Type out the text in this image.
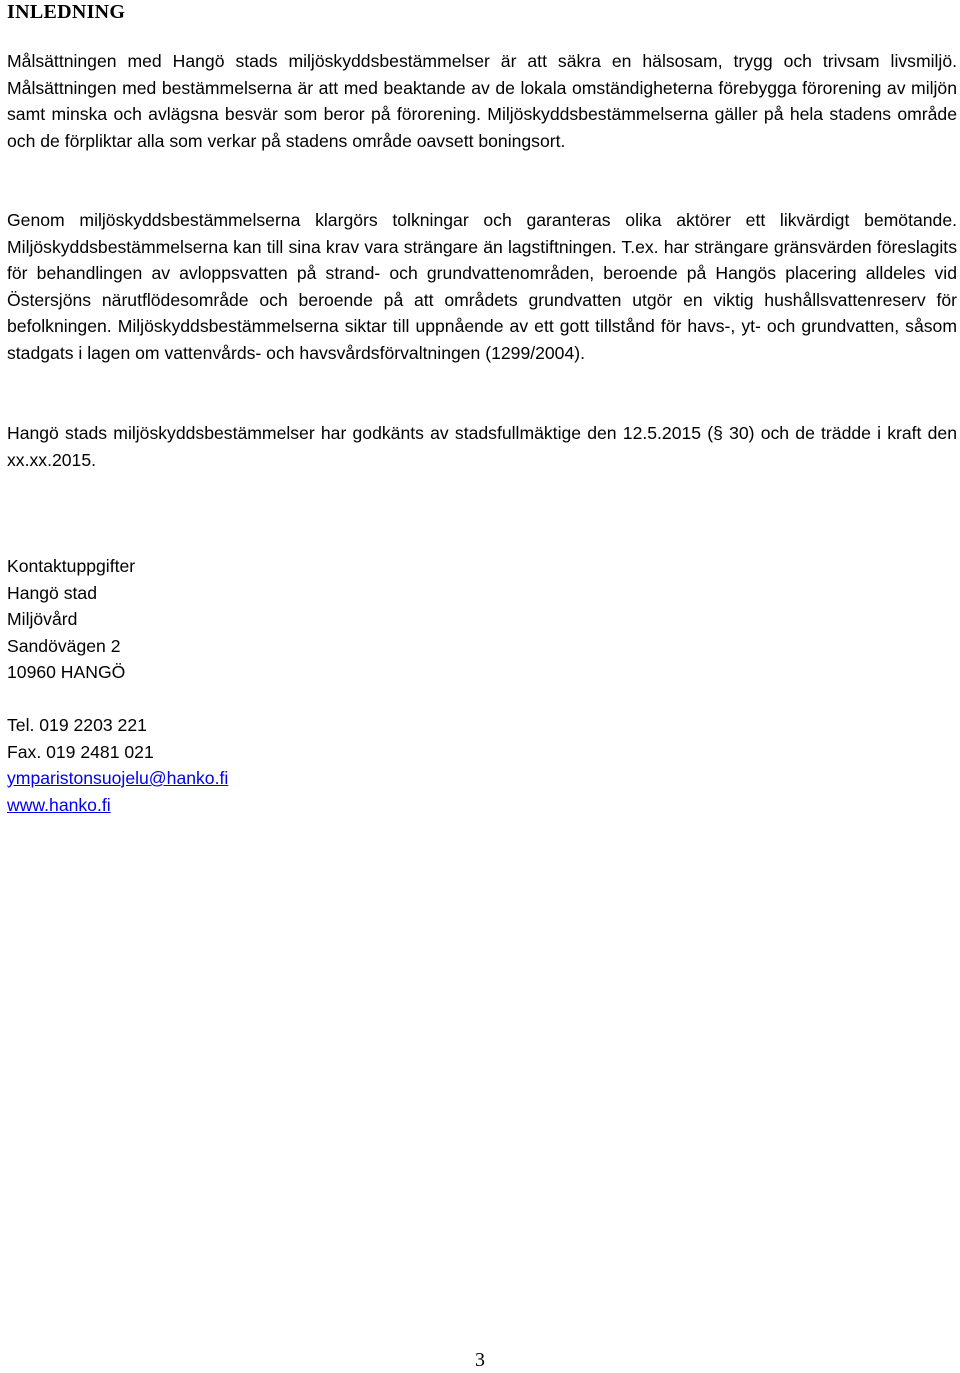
INLEDNING

Målsättningen med Hangö stads miljöskyddsbestämmelser är att säkra en hälsosam, trygg och trivsam livsmiljö. Målsättningen med bestämmelserna är att med beaktande av de lokala omständigheterna förebygga förorening av miljön samt minska och avlägsna besvär som beror på förorening. Miljöskyddsbestämmelserna gäller på hela stadens område och de förpliktar alla som verkar på stadens område oavsett boningsort.

Genom miljöskyddsbestämmelserna klargörs tolkningar och garanteras olika aktörer ett likvärdigt bemötande. Miljöskyddsbestämmelserna kan till sina krav vara strängare än lagstiftningen. T.ex. har strängare gränsvärden föreslagits för behandlingen av avloppsvatten på strand- och grundvattenområden, beroende på Hangös placering alldeles vid Östersjöns närutflödesområde och beroende på att områdets grundvatten utgör en viktig hushållsvattenreserv för befolkningen. Miljöskyddsbestämmelserna siktar till uppnående av ett gott tillstånd för havs-, yt- och grundvatten, såsom stadgats i lagen om vattenvårds- och havsvårdsförvaltningen (1299/2004).

Hangö stads miljöskyddsbestämmelser har godkänts av stadsfullmäktige den 12.5.2015 (§ 30) och de trädde i kraft den xx.xx.2015.

Kontaktuppgifter
Hangö stad
Miljövård
Sandövägen 2
10960 HANGÖ
Tel. 019 2203 221
Fax. 019 2481 021
ymparistonsuojelu@hanko.fi
www.hanko.fi
3
